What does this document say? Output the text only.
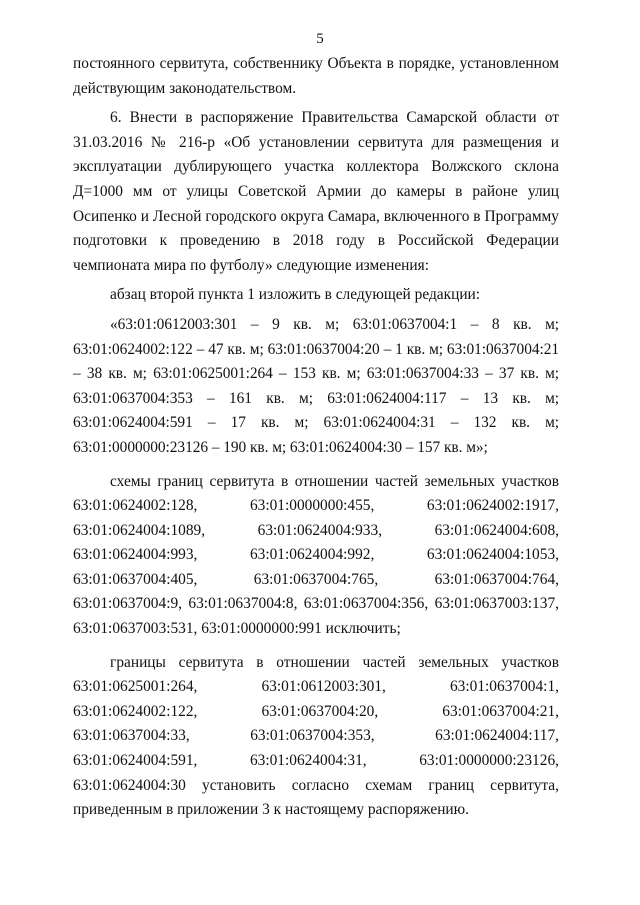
5

постоянного сервитута, собственнику Объекта в порядке, установленном действующим законодательством.

6. Внести в распоряжение Правительства Самарской области от 31.03.2016 № 216-р «Об установлении сервитута для размещения и эксплуатации дублирующего участка коллектора Волжского склона Д=1000 мм от улицы Советской Армии до камеры в районе улиц Осипенко и Лесной городского округа Самара, включенного в Программу подготовки к проведению в 2018 году в Российской Федерации чемпионата мира по футболу» следующие изменения:

абзац второй пункта 1 изложить в следующей редакции:

«63:01:0612003:301 – 9 кв. м; 63:01:0637004:1 – 8 кв. м; 63:01:0624002:122 – 47 кв. м; 63:01:0637004:20 – 1 кв. м; 63:01:0637004:21 – 38 кв. м; 63:01:0625001:264 – 153 кв. м; 63:01:0637004:33 – 37 кв. м; 63:01:0637004:353 – 161 кв. м; 63:01:0624004:117 – 13 кв. м; 63:01:0624004:591 – 17 кв. м; 63:01:0624004:31 – 132 кв. м; 63:01:0000000:23126 – 190 кв. м; 63:01:0624004:30 – 157 кв. м»;

схемы границ сервитута в отношении частей земельных участков 63:01:0624002:128, 63:01:0000000:455, 63:01:0624002:1917, 63:01:0624004:1089, 63:01:0624004:933, 63:01:0624004:608, 63:01:0624004:993, 63:01:0624004:992, 63:01:0624004:1053, 63:01:0637004:405, 63:01:0637004:765, 63:01:0637004:764, 63:01:0637004:9, 63:01:0637004:8, 63:01:0637004:356, 63:01:0637003:137, 63:01:0637003:531, 63:01:0000000:991 исключить;

границы сервитута в отношении частей земельных участков 63:01:0625001:264, 63:01:0612003:301, 63:01:0637004:1, 63:01:0624002:122, 63:01:0637004:20, 63:01:0637004:21, 63:01:0637004:33, 63:01:0637004:353, 63:01:0624004:117, 63:01:0624004:591, 63:01:0624004:31, 63:01:0000000:23126, 63:01:0624004:30 установить согласно схемам границ сервитута, приведенным в приложении 3 к настоящему распоряжению.
